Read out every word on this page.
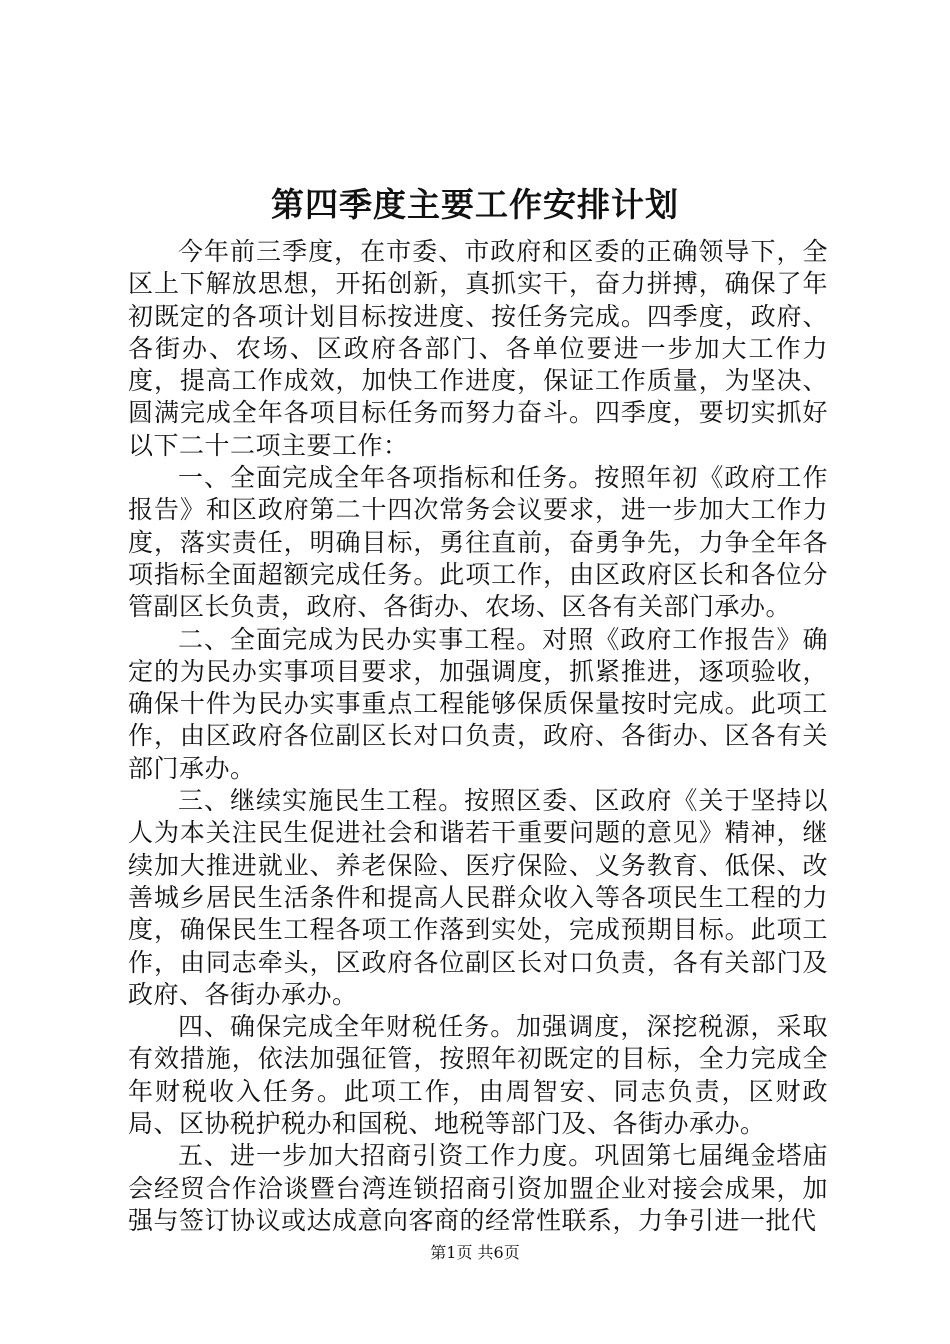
第四季度主要工作安排计划

今年前三季度，在市委、市政府和区委的正确领导下，全区上下解放思想，开拓创新，真抓实干，奋力拼搏，确保了年初既定的各项计划目标按进度、按任务完成。四季度，政府、各街办、农场、区政府各部门、各单位要进一步加大工作力度，提高工作成效，加快工作进度，保证工作质量，为坚决、圆满完成全年各项目标任务而努力奋斗。四季度，要切实抓好以下二十二项主要工作：

一、全面完成全年各项指标和任务。按照年初《政府工作报告》和区政府第二十四次常务会议要求，进一步加大工作力度，落实责任，明确目标，勇往直前，奋勇争先，力争全年各项指标全面超额完成任务。此项工作，由区政府区长和各位分管副区长负责，政府、各街办、农场、区各有关部门承办。

二、全面完成为民办实事工程。对照《政府工作报告》确定的为民办实事项目要求，加强调度，抓紧推进，逐项验收，确保十件为民办实事重点工程能够保质保量按时完成。此项工作，由区政府各位副区长对口负责，政府、各街办、区各有关部门承办。

三、继续实施民生工程。按照区委、区政府《关于坚持以人为本关注民生促进社会和谐若干重要问题的意见》精神，继续加大推进就业、养老保险、医疗保险、义务教育、低保、改善城乡居民生活条件和提高人民群众收入等各项民生工程的力度，确保民生工程各项工作落到实处，完成预期目标。此项工作，由同志牵头，区政府各位副区长对口负责，各有关部门及政府、各街办承办。

四、确保完成全年财税任务。加强调度，深挖税源，采取有效措施，依法加强征管，按照年初既定的目标，全力完成全年财税收入任务。此项工作，由周智安、同志负责，区财政局、区协税护税办和国税、地税等部门及、各街办承办。

五、进一步加大招商引资工作力度。巩固第七届绳金塔庙会经贸合作洽谈暨台湾连锁招商引资加盟企业对接会成果，加强与签订协议或达成意向客商的经常性联系，力争引进一批代

第1页 共6页
